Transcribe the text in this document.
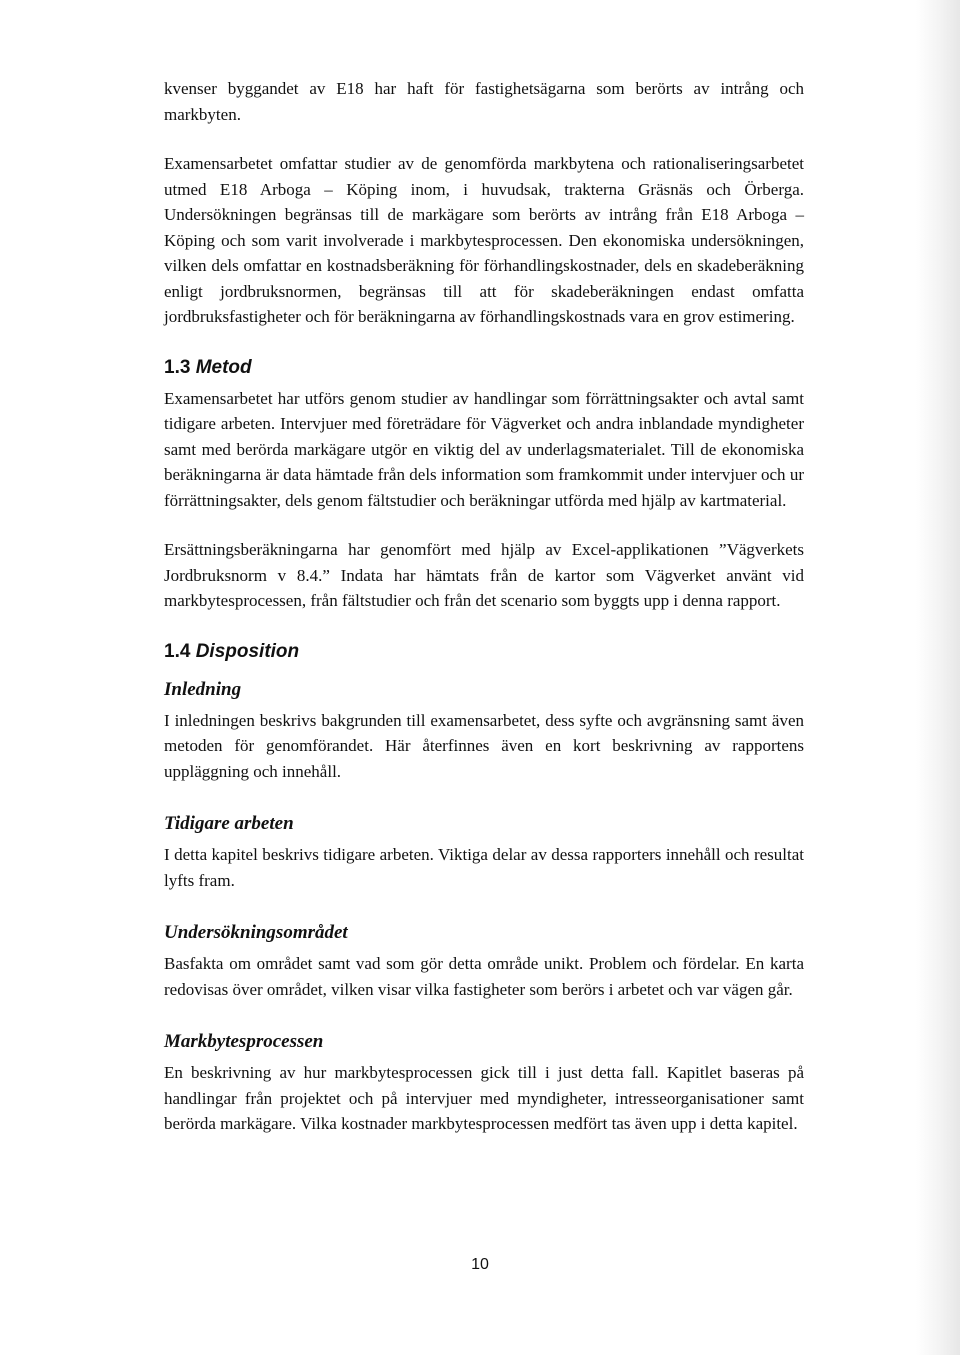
kvenser byggandet av E18 har haft för fastighetsägarna som berörts av intrång och markbyten.

Examensarbetet omfattar studier av de genomförda markbytena och rationaliseringsarbetet utmed E18 Arboga – Köping inom, i huvudsak, trakterna Gräsnäs och Örberga. Undersökningen begränsas till de markägare som berörts av intrång från E18 Arboga – Köping och som varit involverade i markbytesprocessen. Den ekonomiska undersökningen, vilken dels omfattar en kostnadsberäkning för förhandlingskostnader, dels en skadeberäkning enligt jordbruksnormen, begränsas till att för skadeberäkningen endast omfatta jordbruksfastigheter och för beräkningarna av förhandlingskostnads vara en grov estimering.

1.3 Metod

Examensarbetet har utförs genom studier av handlingar som förrättningsakter och avtal samt tidigare arbeten. Intervjuer med företrädare för Vägverket och andra inblandade myndigheter samt med berörda markägare utgör en viktig del av underlagsmaterialet. Till de ekonomiska beräkningarna är data hämtade från dels information som framkommit under intervjuer och ur förrättningsakter, dels genom fältstudier och beräkningar utförda med hjälp av kartmaterial.

Ersättningsberäkningarna har genomfört med hjälp av Excel-applikationen ”Vägverkets Jordbruksnorm v 8.4.” Indata har hämtats från de kartor som Vägverket använt vid markbytesprocessen, från fältstudier och från det scenario som byggts upp i denna rapport.

1.4 Disposition
Inledning

I inledningen beskrivs bakgrunden till examensarbetet, dess syfte och avgränsning samt även metoden för genomförandet. Här återfinnes även en kort beskrivning av rapportens uppläggning och innehåll.

Tidigare arbeten

I detta kapitel beskrivs tidigare arbeten. Viktiga delar av dessa rapporters innehåll och resultat lyfts fram.

Undersökningsområdet

Basfakta om området samt vad som gör detta område unikt. Problem och fördelar. En karta redovisas över området, vilken visar vilka fastigheter som berörs i arbetet och var vägen går.

Markbytesprocessen

En beskrivning av hur markbytesprocessen gick till i just detta fall. Kapitlet baseras på handlingar från projektet och på intervjuer med myndigheter, intresseorganisationer samt berörda markägare. Vilka kostnader markbytesprocessen medfört tas även upp i detta kapitel.

10
